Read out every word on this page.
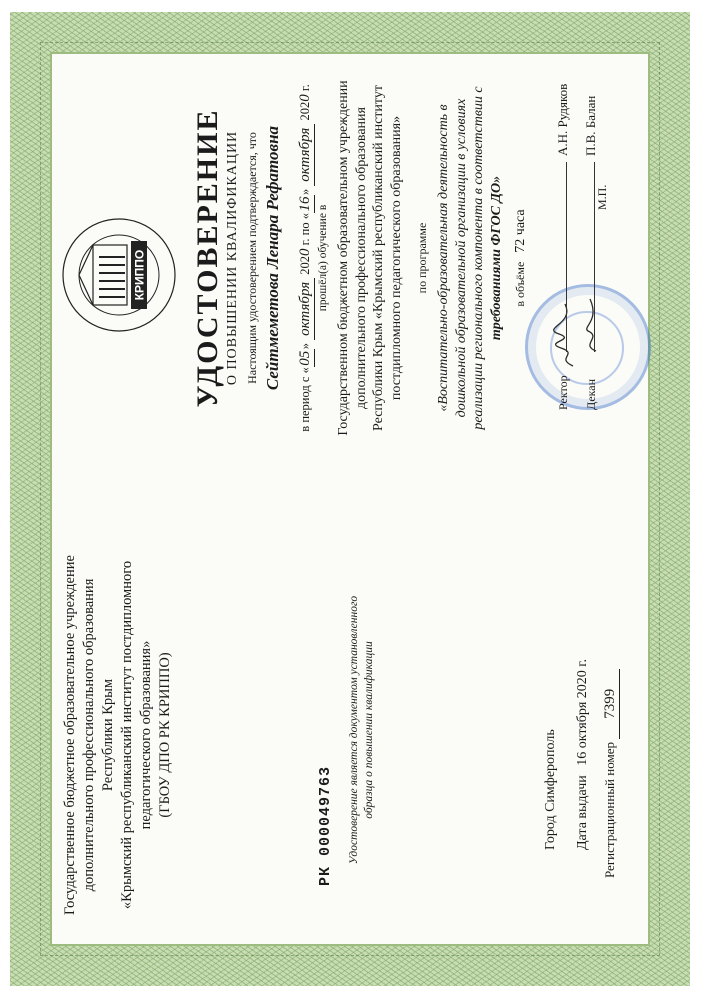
Государственное бюджетное образовательное учреждение дополнительного профессионального образования Республики Крым «Крымский республиканский институт постдипломного педагогического образования» (ГБОУ ДПО РК КРИППО)
РК 000049763 Удостоверение является документом установленного образца о повышении квалификации	Город Симферополь Дата выдачи 16 октября 2020 г.
Регистрационный номер 7399
КРИППО УДОСТОВЕРЕНИЕ О ПОВЫШЕНИИ КВАЛИФИКАЦИИ Настоящим удостоверением подтверждается, что Сейтмеметова Ленара Рефатовна
в период с «05» октября 2020 г. по «16» октября 2020 г.
прошёл(а) обучение в Государственном бюджетном образовательном учреждении дополнительного профессионального образования Республики Крым «Крымский республиканский институт постдипломного педагогического образования» по программе «Воспитательно-образовательная деятельность в дошкольной образовательной организации в условиях реализации регионального компонента в соответствии с требованиями ФГОС ДО» в объёме 72 часа
РекторА.Н. Рудяков
ДеканП.В. Балан
М.П.
